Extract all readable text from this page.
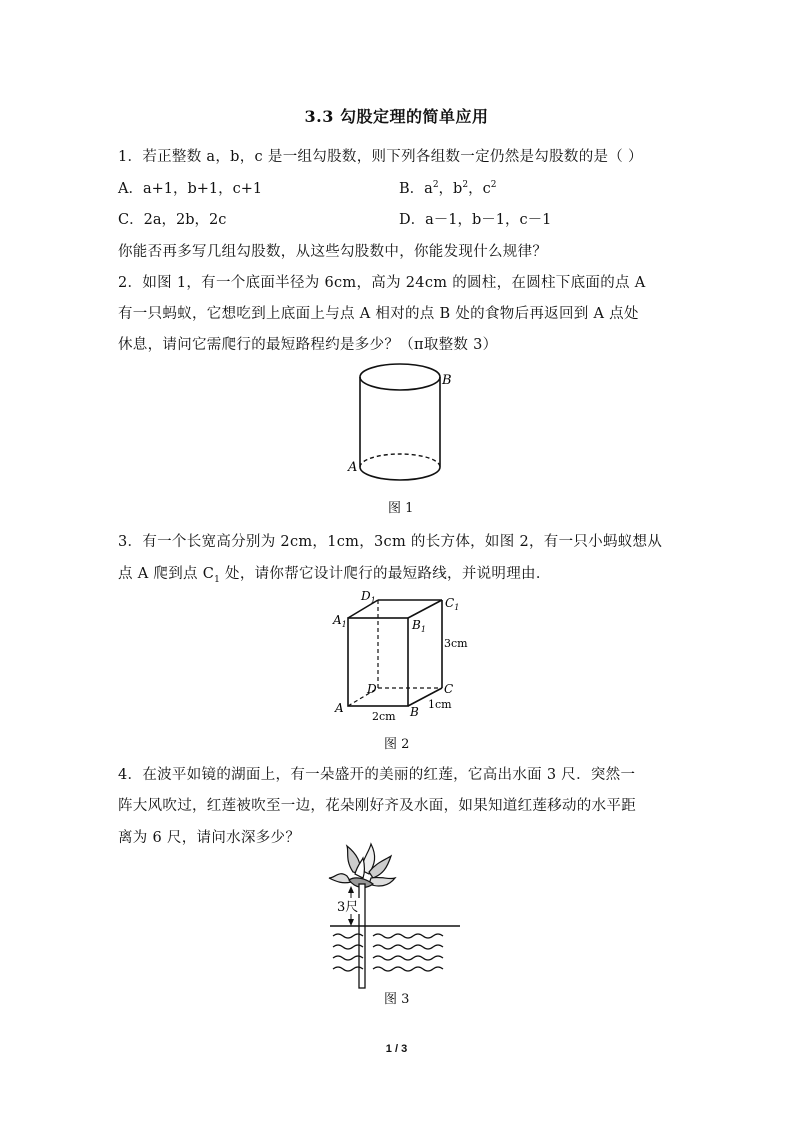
3.3 勾股定理的简单应用
1．若正整数 a，b，c 是一组勾股数，则下列各组数一定仍然是勾股数的是（ ）
A．a+1，b+1，c+1	B．$a^2$，$b^2$，$c^2$
C．2a，2b，2c	D．a－1，b－1，c－1
你能否再多写几组勾股数，从这些勾股数中，你能发现什么规律？
2．如图 1，有一个底面半径为 6cm，高为 24cm 的圆柱，在圆柱下底面的点 A
有一只蚂蚁，它想吃到上底面上与点 A 相对的点 B 处的食物后再返回到 A 点处
休息，请问它需爬行的最短路程约是多少？（π取整数 3）
A
B
图 1
3．有一个长宽高分别为 2cm，1cm，3cm 的长方体，如图 2，有一只小蚂蚁想从
点 A 爬到点 $C_1$ 处，请你帮它设计爬行的最短路线，并说明理由．
$A_1$
$D_1$	$C_1$
$B_1$
D	C
A	B
3cm
2cm
1cm
图 2
4．在波平如镜的湖面上，有一朵盛开的美丽的红莲，它高出水面 3 尺．突然一
阵大风吹过，红莲被吹至一边，花朵刚好齐及水面，如果知道红莲移动的水平距
离为 6 尺，请问水深多少？
3尺
图 3
1 / 3
